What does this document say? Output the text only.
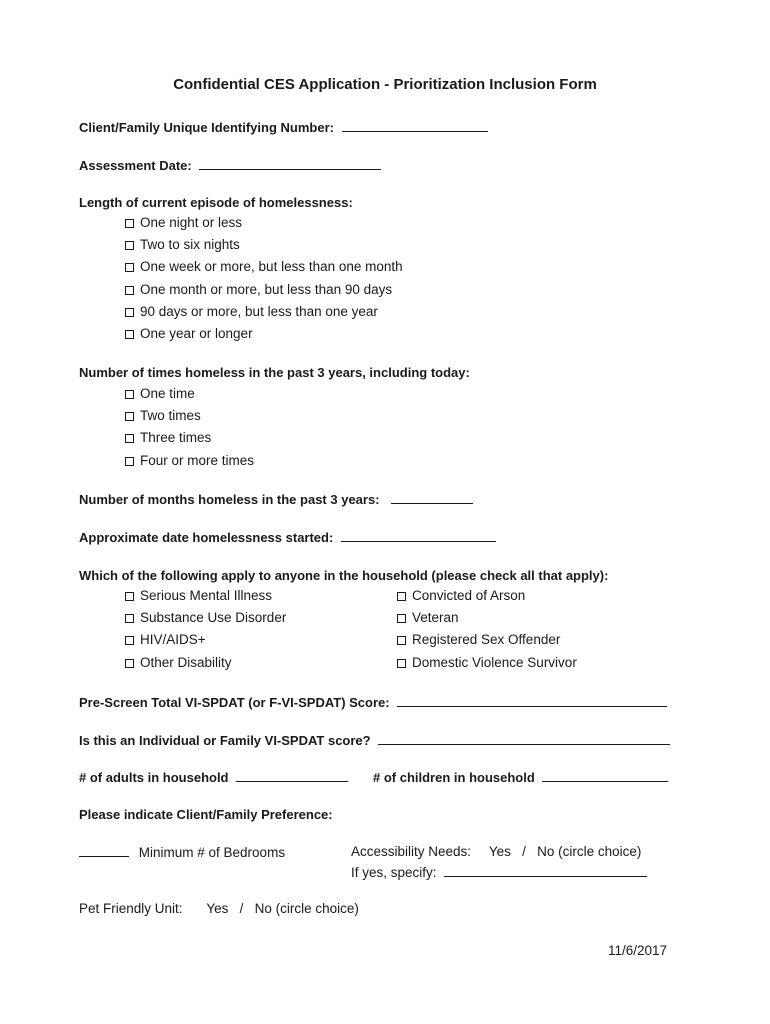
Confidential CES Application - Prioritization Inclusion Form
Client/Family Unique Identifying Number:
Assessment Date:
Length of current episode of homelessness:
One night or less
Two to six nights
One week or more, but less than one month
One month or more, but less than 90 days
90 days or more, but less than one year
One year or longer
Number of times homeless in the past 3 years, including today:
One time
Two times
Three times
Four or more times
Number of months homeless in the past 3 years:
Approximate date homelessness started:
Which of the following apply to anyone in the household (please check all that apply):
Serious Mental Illness
Substance Use Disorder
HIV/AIDS+
Other Disability
Convicted of Arson
Veteran
Registered Sex Offender
Domestic Violence Survivor
Pre-Screen Total VI-SPDAT (or F-VI-SPDAT) Score:
Is this an Individual or Family VI-SPDAT score?
# of adults in household	# of children in household
Please indicate Client/Family Preference:
Minimum # of Bedrooms	Accessibility Needs: Yes   /   No (circle choice)
If yes, specify:
Pet Friendly Unit: Yes   /   No (circle choice)
11/6/2017
